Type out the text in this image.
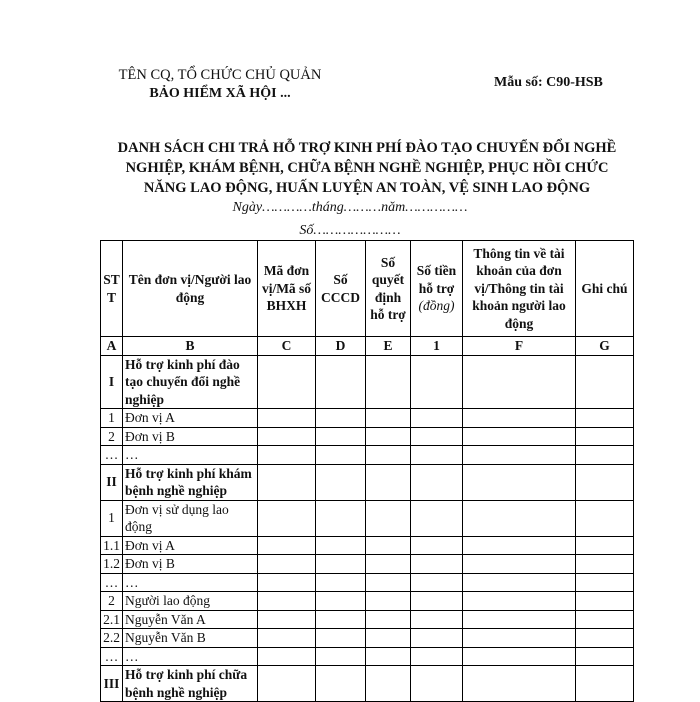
TÊN CQ, TỔ CHỨC CHỦ QUẢN
BẢO HIỂM XÃ HỘI ...
Mẫu số: C90-HSB
DANH SÁCH CHI TRẢ HỖ TRỢ KINH PHÍ ĐÀO TẠO CHUYỂN ĐỔI NGHỀ
NGHIỆP, KHÁM BỆNH, CHỮA BỆNH NGHỀ NGHIỆP, PHỤC HỒI CHỨC
NĂNG LAO ĐỘNG, HUẤN LUYỆN AN TOÀN, VỆ SINH LAO ĐỘNG
Ngày…………tháng………năm……………
Số…………………
STT	Tên đơn vị/Người lao động	Mã đơn vị/Mã số BHXH	Số CCCD	Số quyết định hỗ trợ	Số tiền hỗ trợ (đồng)	Thông tin về tài khoản của đơn vị/Thông tin tài khoản người lao động	Ghi chú
A	B	C	D	E	1	F	G
I	Hỗ trợ kinh phí đào tạo chuyển đổi nghề nghiệp						
1	Đơn vị A						
2	Đơn vị B						
…	…						
II	Hỗ trợ kinh phí khám bệnh nghề nghiệp						
1	Đơn vị sử dụng lao động						
1.1	Đơn vị A						
1.2	Đơn vị B						
…	…						
2	Người lao động						
2.1	Nguyễn Văn A						
2.2	Nguyễn Văn B						
…	…						
III	Hỗ trợ kinh phí chữa bệnh nghề nghiệp						
